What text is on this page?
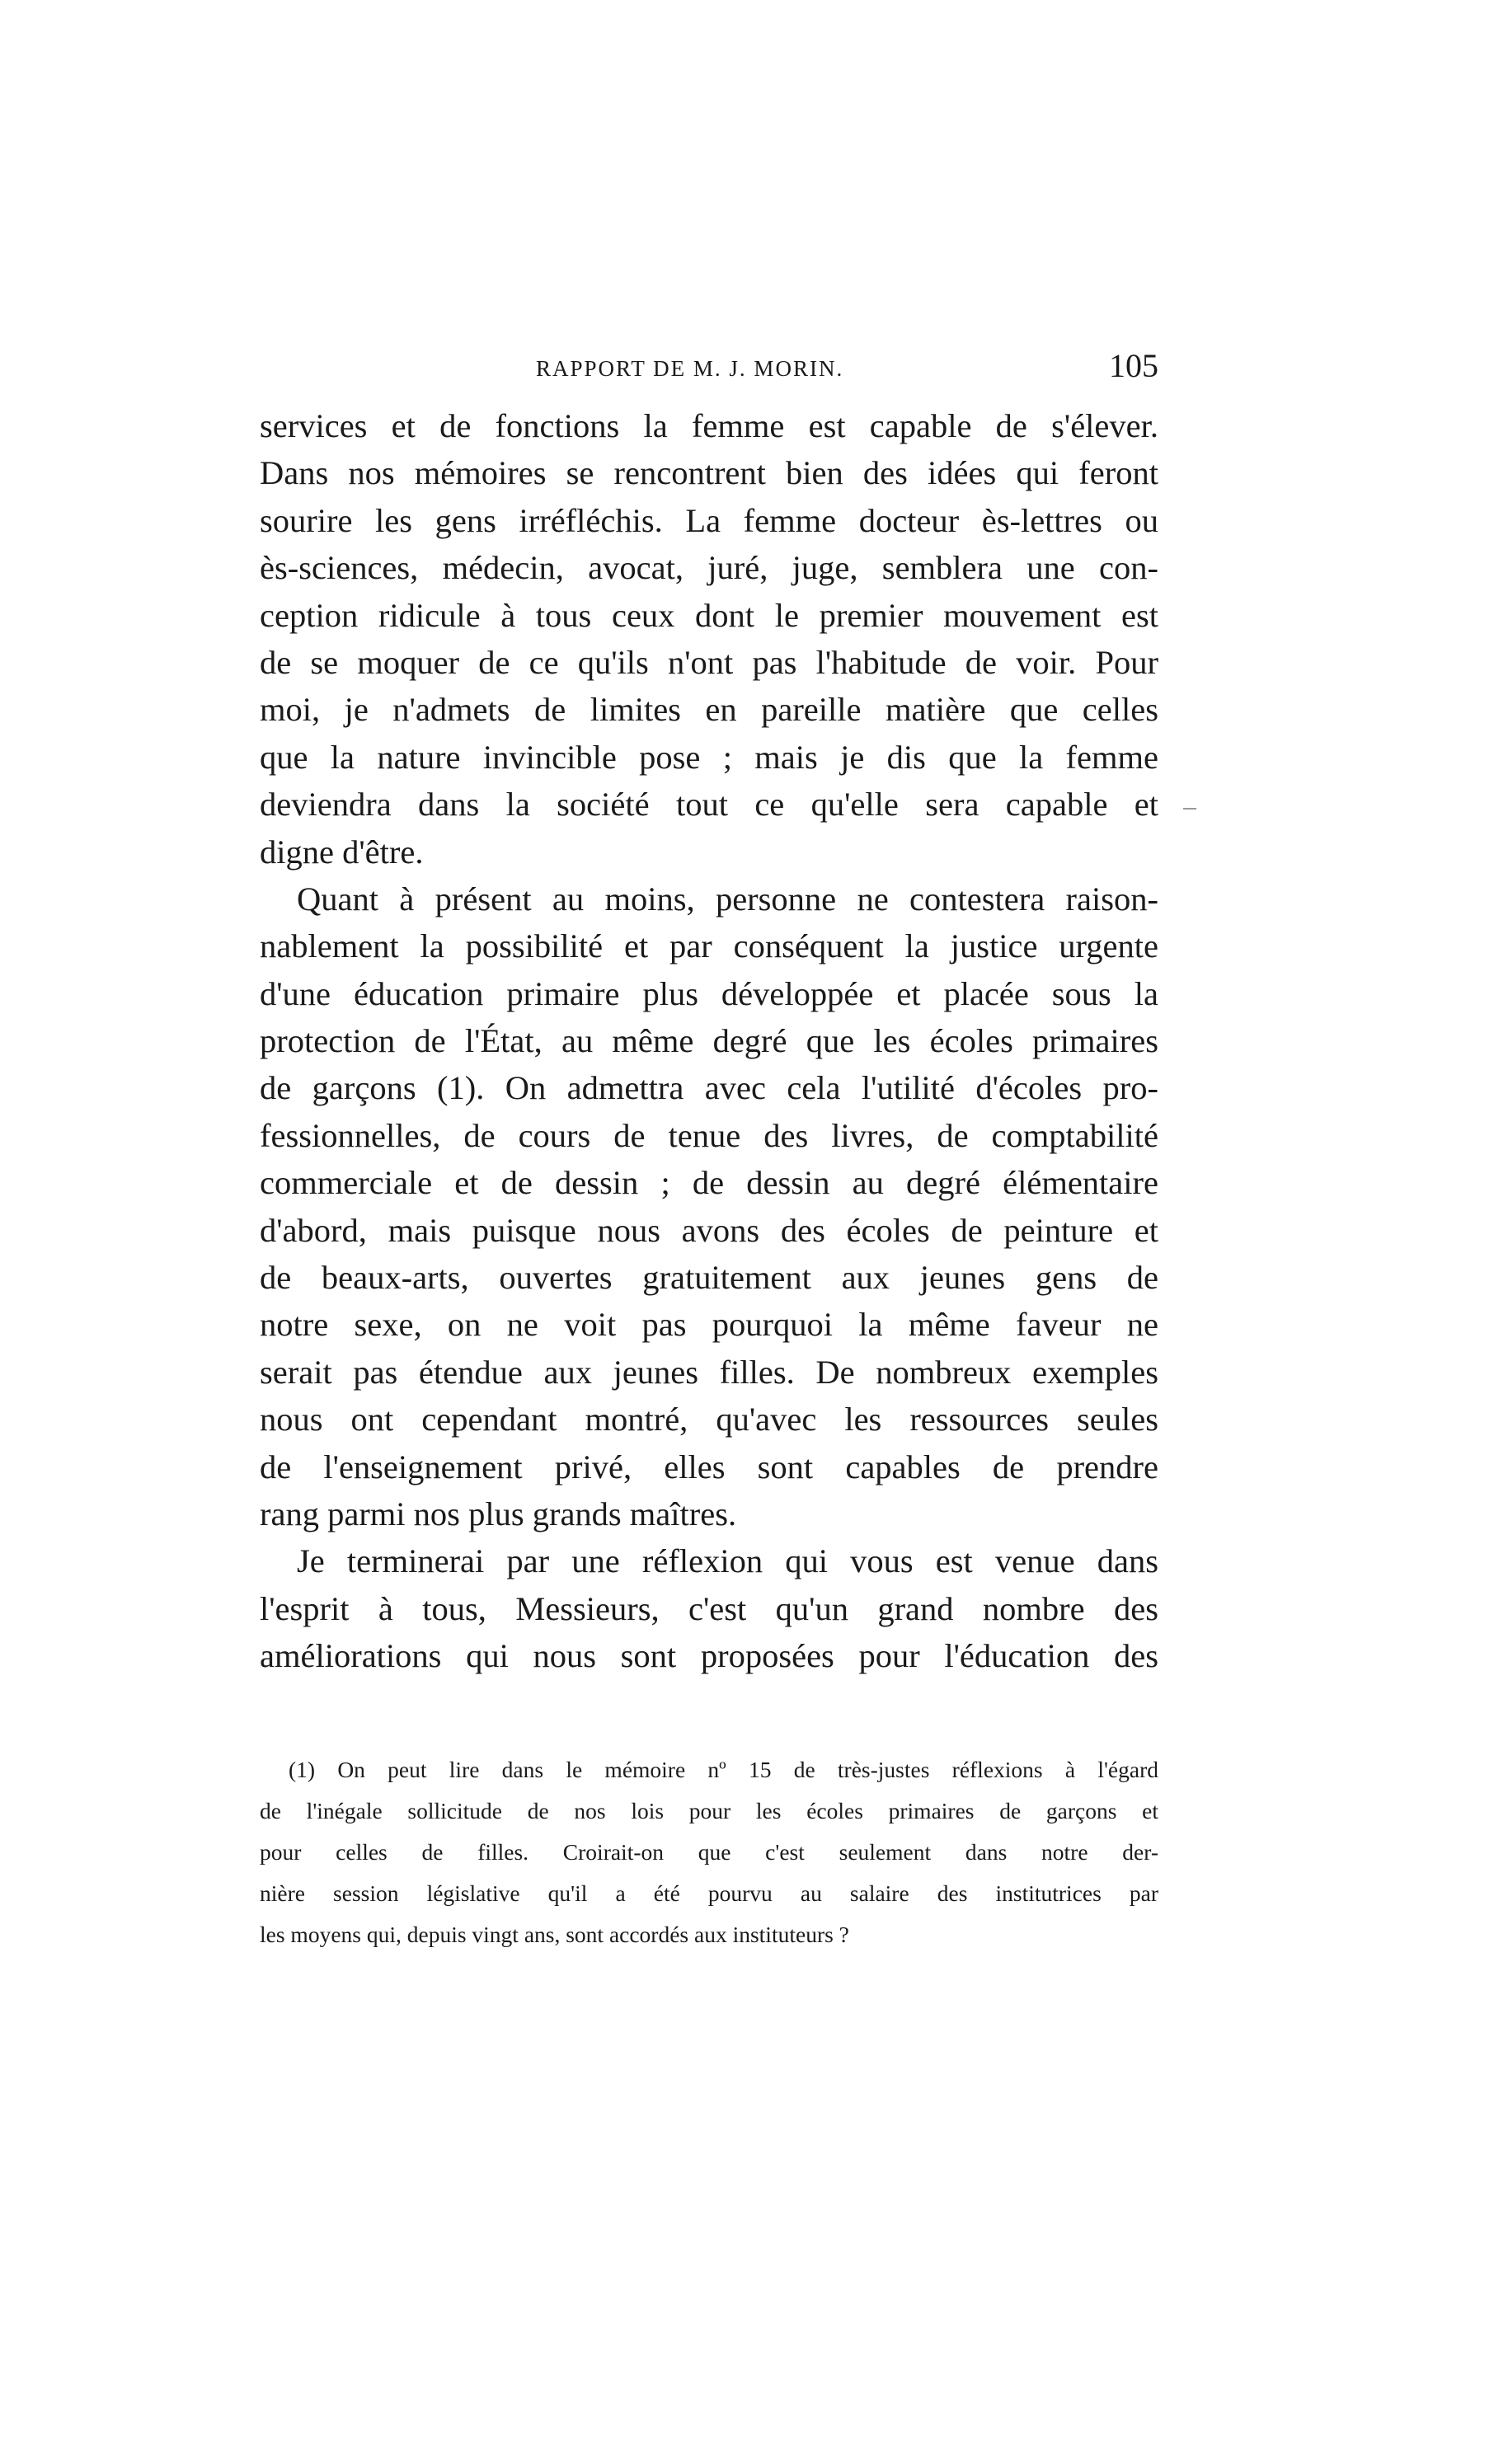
RAPPORT DE M. J. MORIN.	105
services et de fonctions la femme est capable de s'élever.
Dans nos mémoires se rencontrent bien des idées qui feront
sourire les gens irréfléchis. La femme docteur ès-lettres ou
ès-sciences, médecin, avocat, juré, juge, semblera une con-
ception ridicule à tous ceux dont le premier mouvement est
de se moquer de ce qu'ils n'ont pas l'habitude de voir. Pour
moi, je n'admets de limites en pareille matière que celles
que la nature invincible pose ; mais je dis que la femme
deviendra dans la société tout ce qu'elle sera capable et
digne d'être.
Quant à présent au moins, personne ne contestera raison-
nablement la possibilité et par conséquent la justice urgente
d'une éducation primaire plus développée et placée sous la
protection de l'État, au même degré que les écoles primaires
de garçons (1). On admettra avec cela l'utilité d'écoles pro-
fessionnelles, de cours de tenue des livres, de comptabilité
commerciale et de dessin ; de dessin au degré élémentaire
d'abord, mais puisque nous avons des écoles de peinture et
de beaux-arts, ouvertes gratuitement aux jeunes gens de
notre sexe, on ne voit pas pourquoi la même faveur ne
serait pas étendue aux jeunes filles. De nombreux exemples
nous ont cependant montré, qu'avec les ressources seules
de l'enseignement privé, elles sont capables de prendre
rang parmi nos plus grands maîtres.
Je terminerai par une réflexion qui vous est venue dans
l'esprit à tous, Messieurs, c'est qu'un grand nombre des
améliorations qui nous sont proposées pour l'éducation des
(1) On peut lire dans le mémoire nº 15 de très-justes réflexions à l'égard
de l'inégale sollicitude de nos lois pour les écoles primaires de garçons et
pour celles de filles. Croirait-on que c'est seulement dans notre der-
nière session législative qu'il a été pourvu au salaire des institutrices par
les moyens qui, depuis vingt ans, sont accordés aux instituteurs ?
